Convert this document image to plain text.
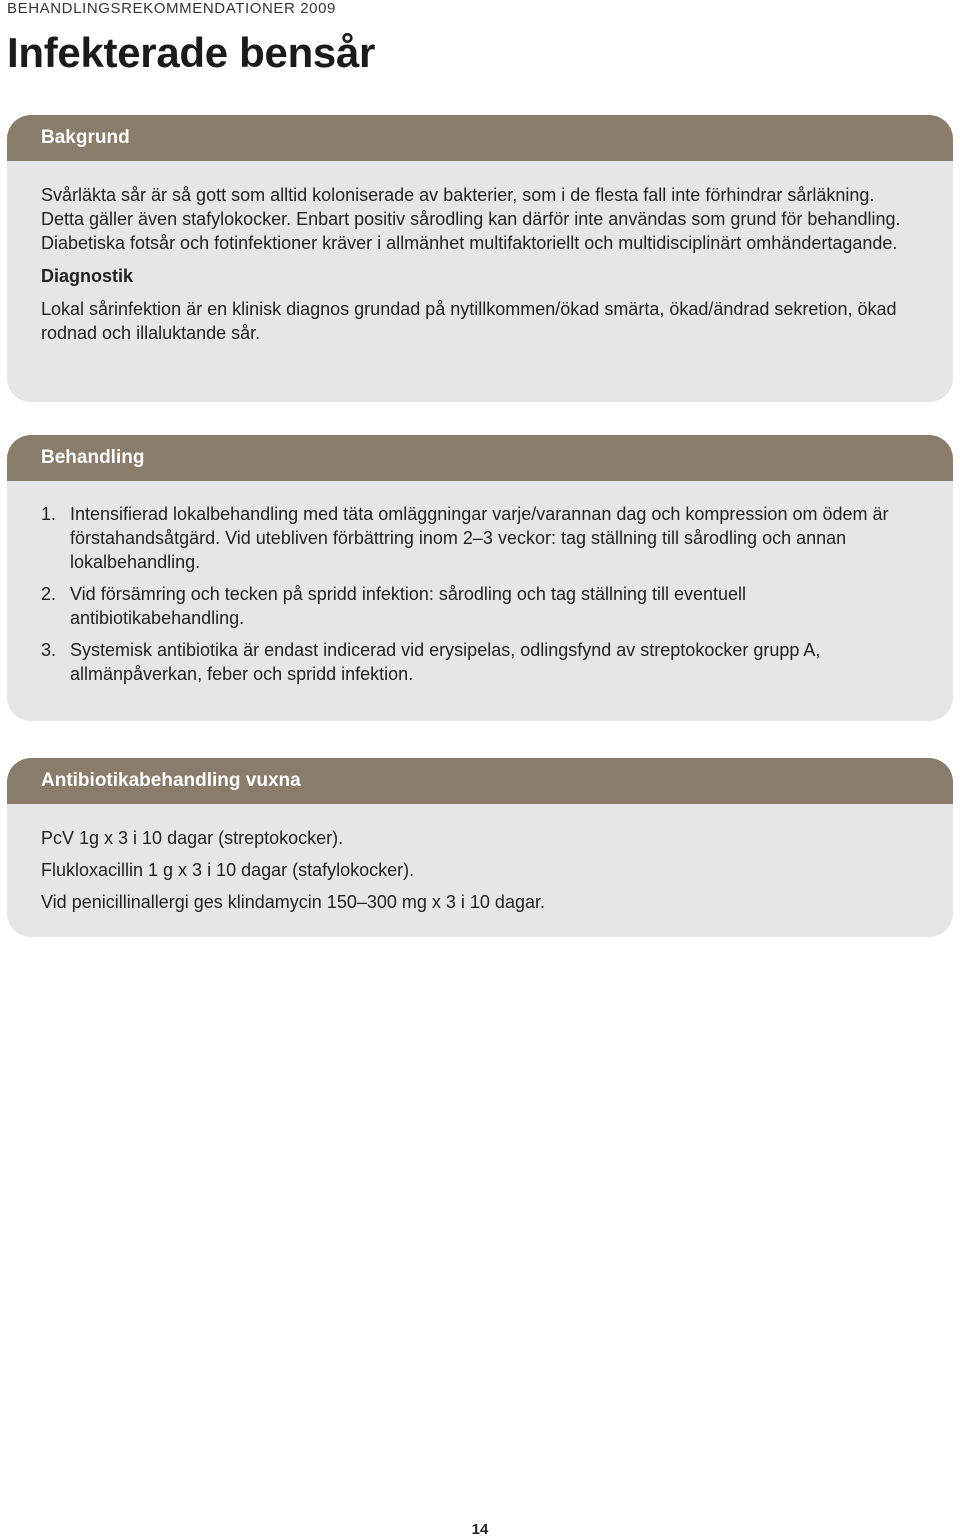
BEHANDLINGSREKOMMENDATIONER 2009
Infekterade bensår
Bakgrund

Svårläkta sår är så gott som alltid koloniserade av bakterier, som i de flesta fall inte förhindrar sårläkning. Detta gäller även stafylokocker. Enbart positiv sårodling kan därför inte användas som grund för behandling. Diabetiska fotsår och fotinfektioner kräver i allmänhet multifaktoriellt och multidisciplinärt omhändertagande.

Diagnostik

Lokal sårinfektion är en klinisk diagnos grundad på nytillkommen/ökad smärta, ökad/ändrad sekretion, ökad rodnad och illaluktande sår.

Behandling
1. Intensifierad lokalbehandling med täta omläggningar varje/varannan dag och kompression om ödem är förstahandsåtgärd. Vid utebliven förbättring inom 2–3 veckor: tag ställning till sårodling och annan lokalbehandling.
2. Vid försämring och tecken på spridd infektion: sårodling och tag ställning till eventuell antibiotikabehandling.
3. Systemisk antibiotika är endast indicerad vid erysipelas, odlingsfynd av streptokocker grupp A, allmänpåverkan, feber och spridd infektion.
Antibiotikabehandling vuxna

PcV 1g x 3 i 10 dagar (streptokocker).

Flukloxacillin 1 g x 3 i 10 dagar (stafylokocker).

Vid penicillinallergi ges klindamycin 150–300 mg x 3 i 10 dagar.

14
